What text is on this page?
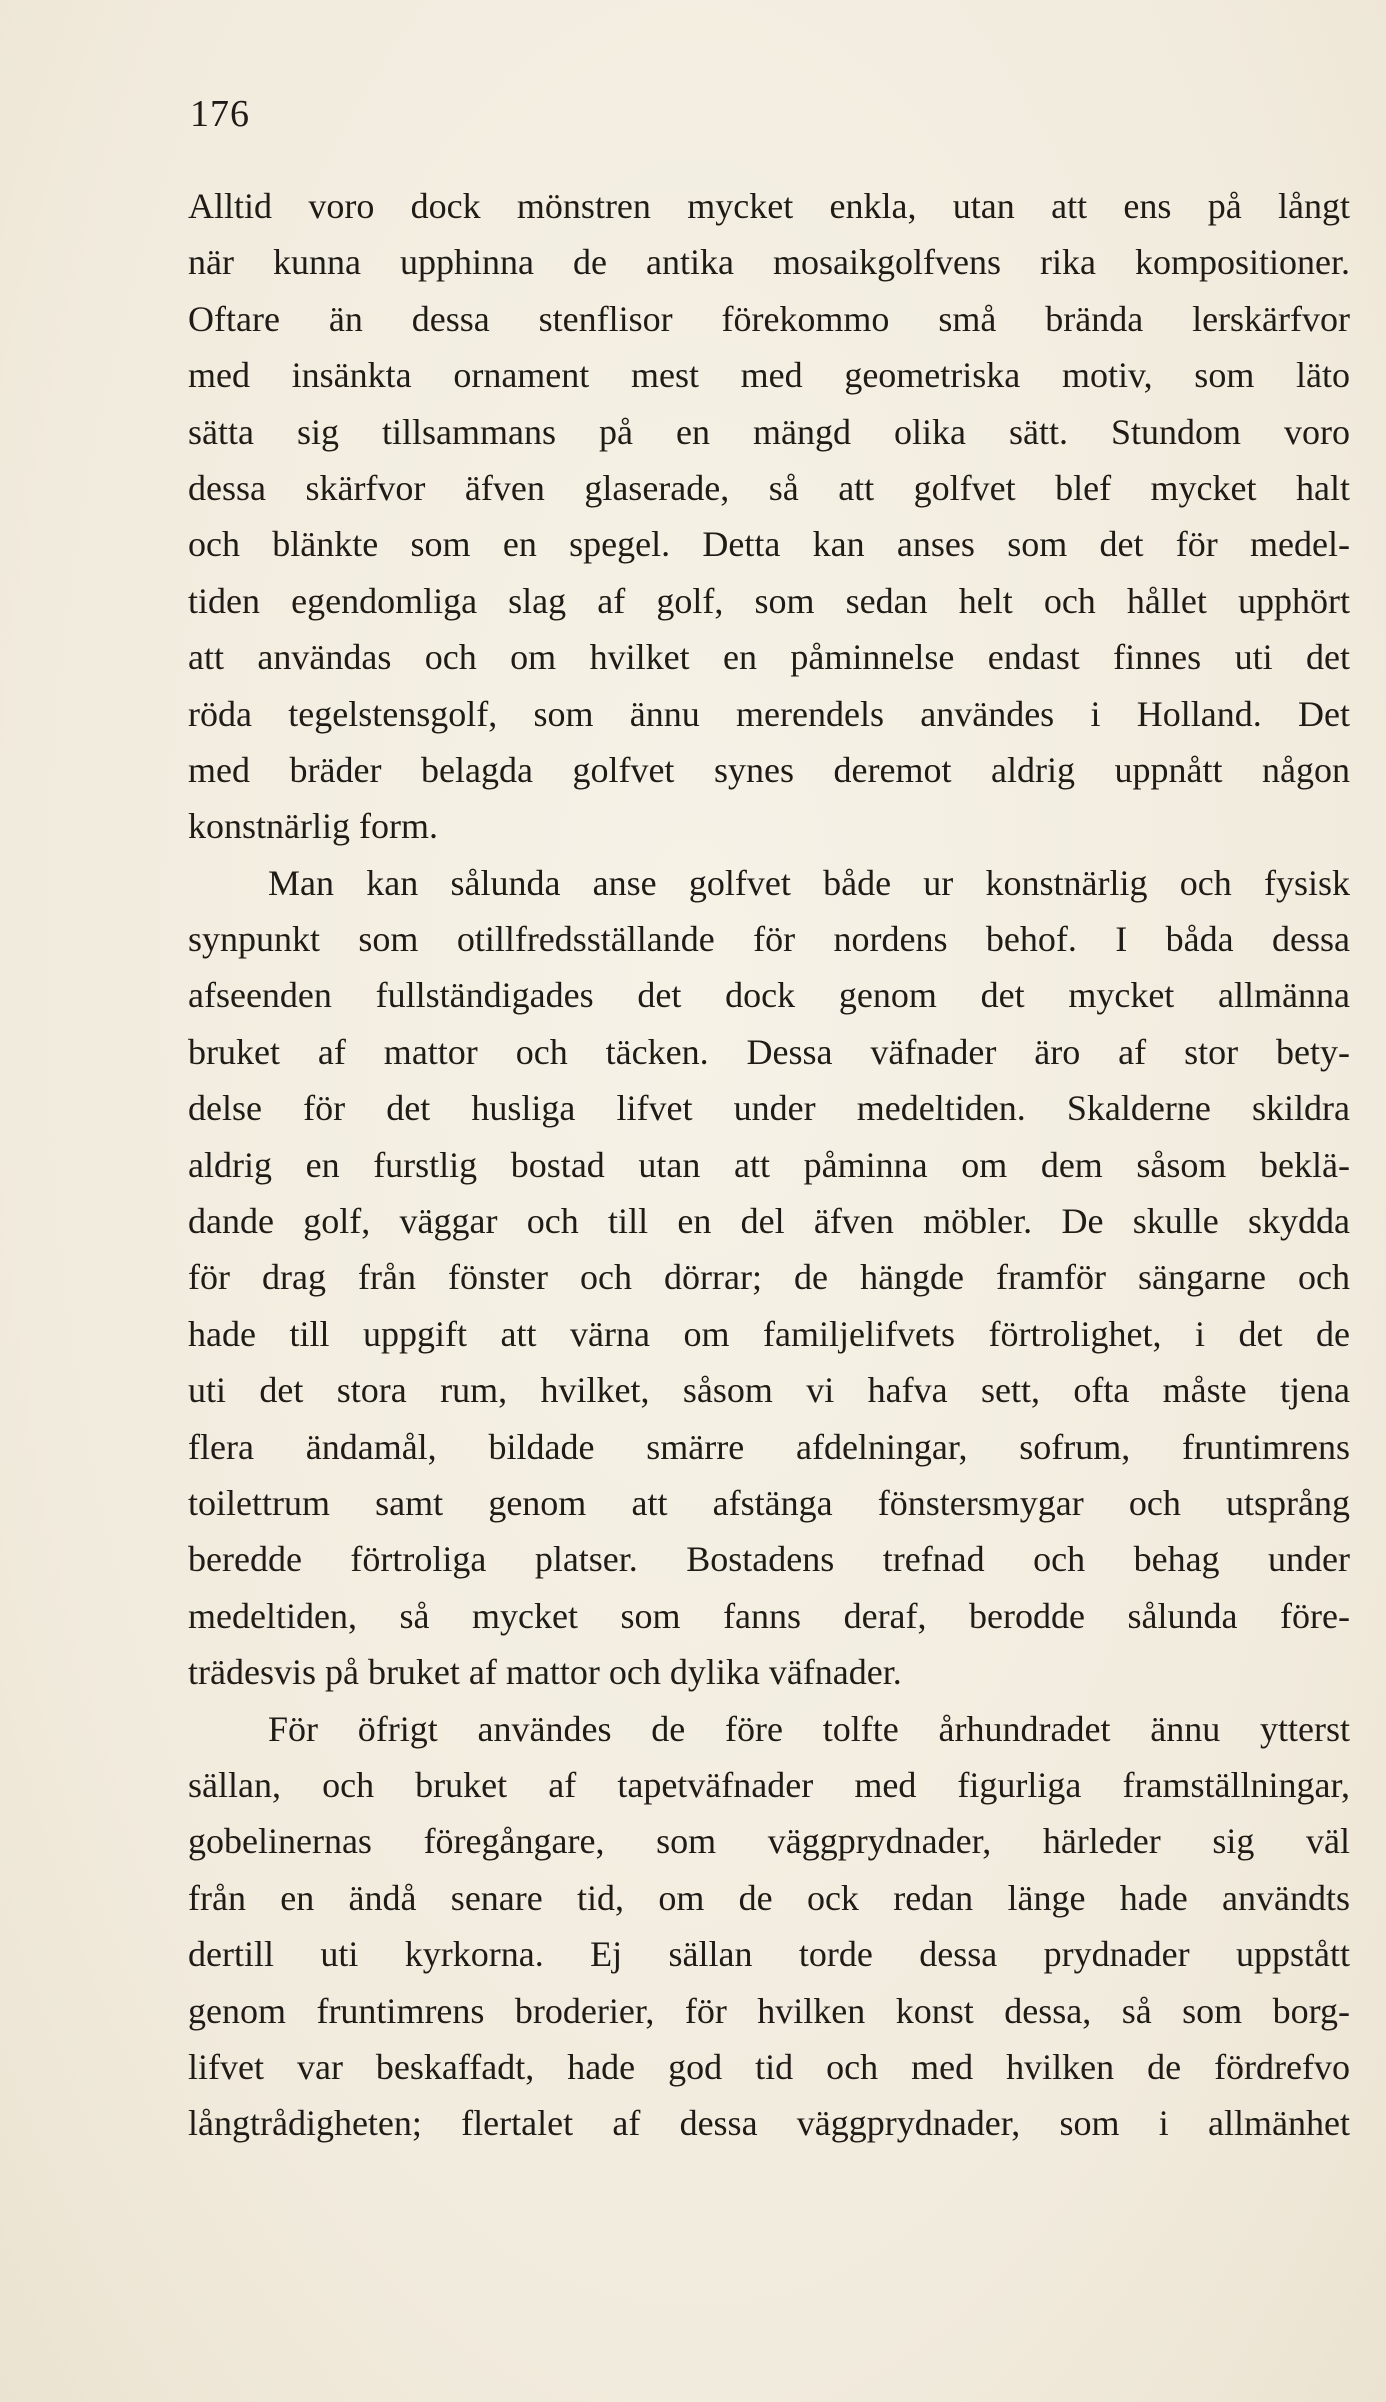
176
Alltid voro dock mönstren mycket enkla, utan att ens på långt
när kunna upphinna de antika mosaikgolfvens rika kompositioner.
Oftare än dessa stenflisor förekommo små brända lerskärfvor
med insänkta ornament mest med geometriska motiv, som läto
sätta sig tillsammans på en mängd olika sätt. Stundom voro
dessa skärfvor äfven glaserade, så att golfvet blef mycket halt
och blänkte som en spegel. Detta kan anses som det för medel-
tiden egendomliga slag af golf, som sedan helt och hållet upphört
att användas och om hvilket en påminnelse endast finnes uti det
röda tegelstensgolf, som ännu merendels användes i Holland. Det
med bräder belagda golfvet synes deremot aldrig uppnått någon
konstnärlig form.
Man kan sålunda anse golfvet både ur konstnärlig och fysisk
synpunkt som otillfredsställande för nordens behof. I båda dessa
afseenden fullständigades det dock genom det mycket allmänna
bruket af mattor och täcken. Dessa väfnader äro af stor bety-
delse för det husliga lifvet under medeltiden. Skalderne skildra
aldrig en furstlig bostad utan att påminna om dem såsom beklä-
dande golf, väggar och till en del äfven möbler. De skulle skydda
för drag från fönster och dörrar; de hängde framför sängarne och
hade till uppgift att värna om familjelifvets förtrolighet, i det de
uti det stora rum, hvilket, såsom vi hafva sett, ofta måste tjena
flera ändamål, bildade smärre afdelningar, sofrum, fruntimrens
toilettrum samt genom att afstänga fönstersmygar och utsprång
beredde förtroliga platser. Bostadens trefnad och behag under
medeltiden, så mycket som fanns deraf, berodde sålunda före-
trädesvis på bruket af mattor och dylika väfnader.
För öfrigt användes de före tolfte århundradet ännu ytterst
sällan, och bruket af tapetväfnader med figurliga framställningar,
gobelinernas föregångare, som väggprydnader, härleder sig väl
från en ändå senare tid, om de ock redan länge hade användts
dertill uti kyrkorna. Ej sällan torde dessa prydnader uppstått
genom fruntimrens broderier, för hvilken konst dessa, så som borg-
lifvet var beskaffadt, hade god tid och med hvilken de fördrefvo
långtrådigheten; flertalet af dessa väggprydnader, som i allmänhet
